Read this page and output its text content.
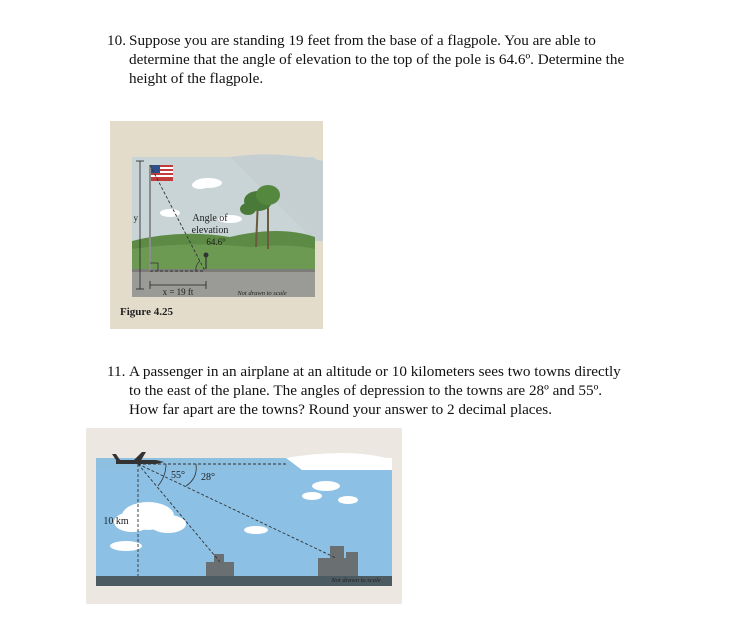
10. Suppose you are standing 19 feet from the base of a flagpole. You are able to
determine that the angle of elevation to the top of the pole is 64.6º. Determine the
height of the flagpole.
y	Angle of
elevation
64.6°
x = 19 ft	Not drawn to scale
Figure 4.25
11. A passenger in an airplane at an altitude or 10 kilometers sees two towns directly
to the east of the plane. The angles of depression to the towns are 28º and 55º.
How far apart are the towns? Round your answer to 2 decimal places.
55° 28°
10 km
Not drawn to scale
